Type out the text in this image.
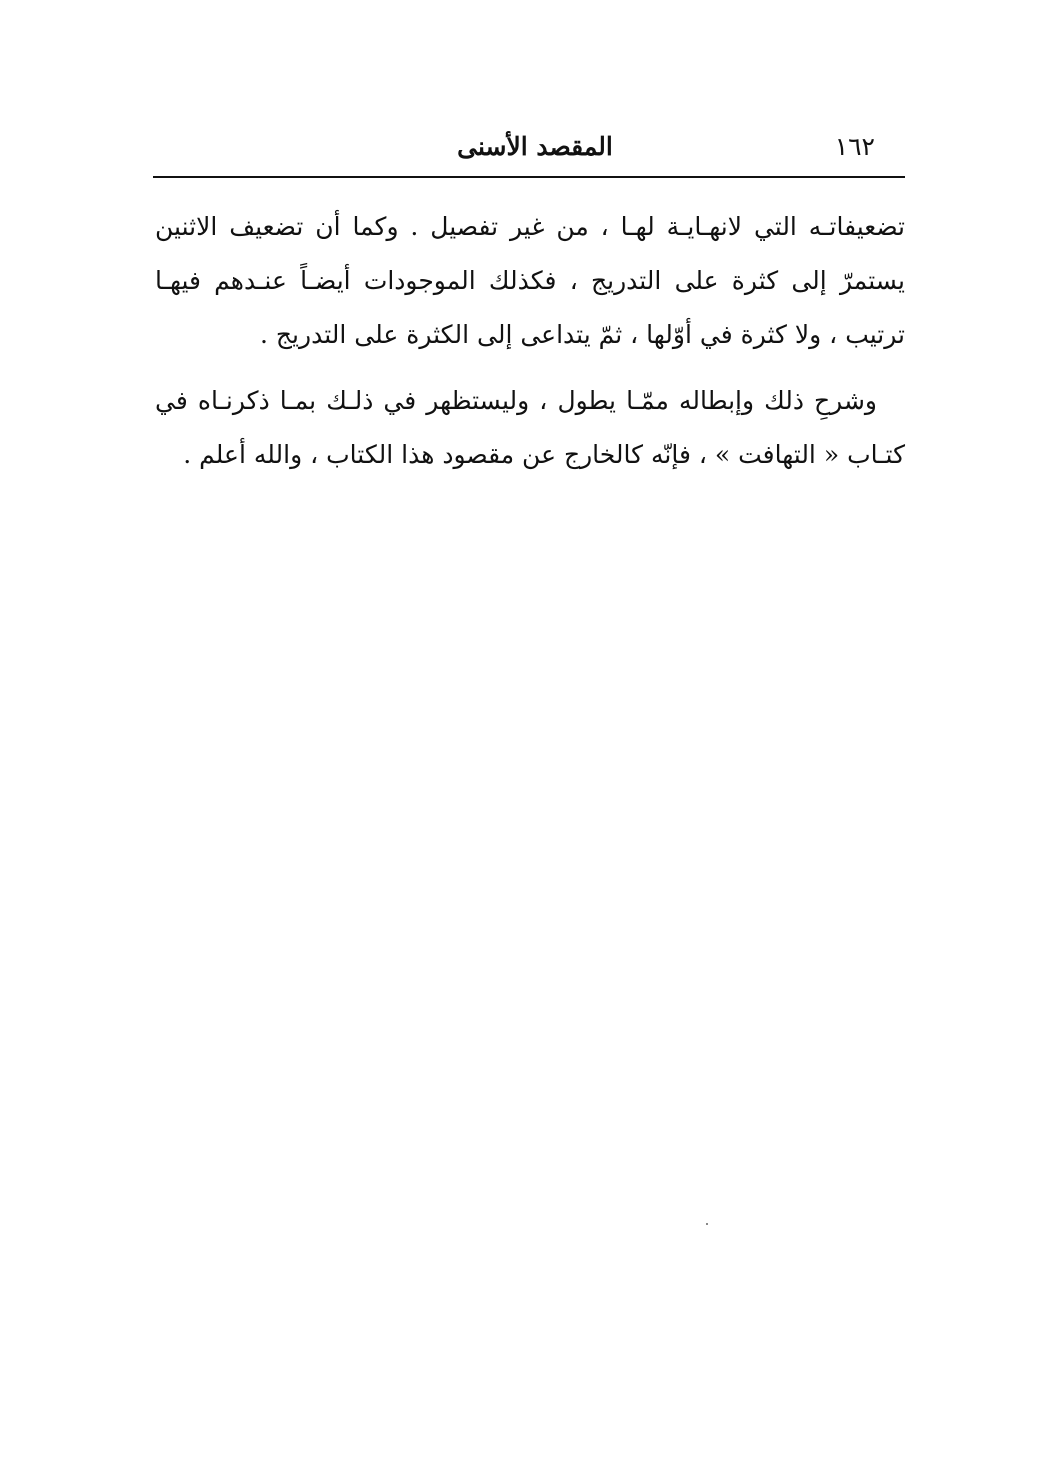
١٦٢
المقصد الأسنى

تضعيفاتـه التي لانهـايـة لهـا ، من غير تفصيل . وكما أن تضعيف الاثنين يستمرّ إلى كثرة على التدريج ، فكذلك الموجودات أيضـاً عنـدهم فيهـا ترتيب ، ولا كثرة في أوّلها ، ثمّ يتداعى إلى الكثرة على التدريج .

وشرحِ ذلك وإبطاله ممّـا يطول ، وليستظهر في ذلـك بمـا ذكرنـاه في كتـاب « التهافت » ، فإنّه كالخارج عن مقصود هذا الكتاب ، والله أعلم .
